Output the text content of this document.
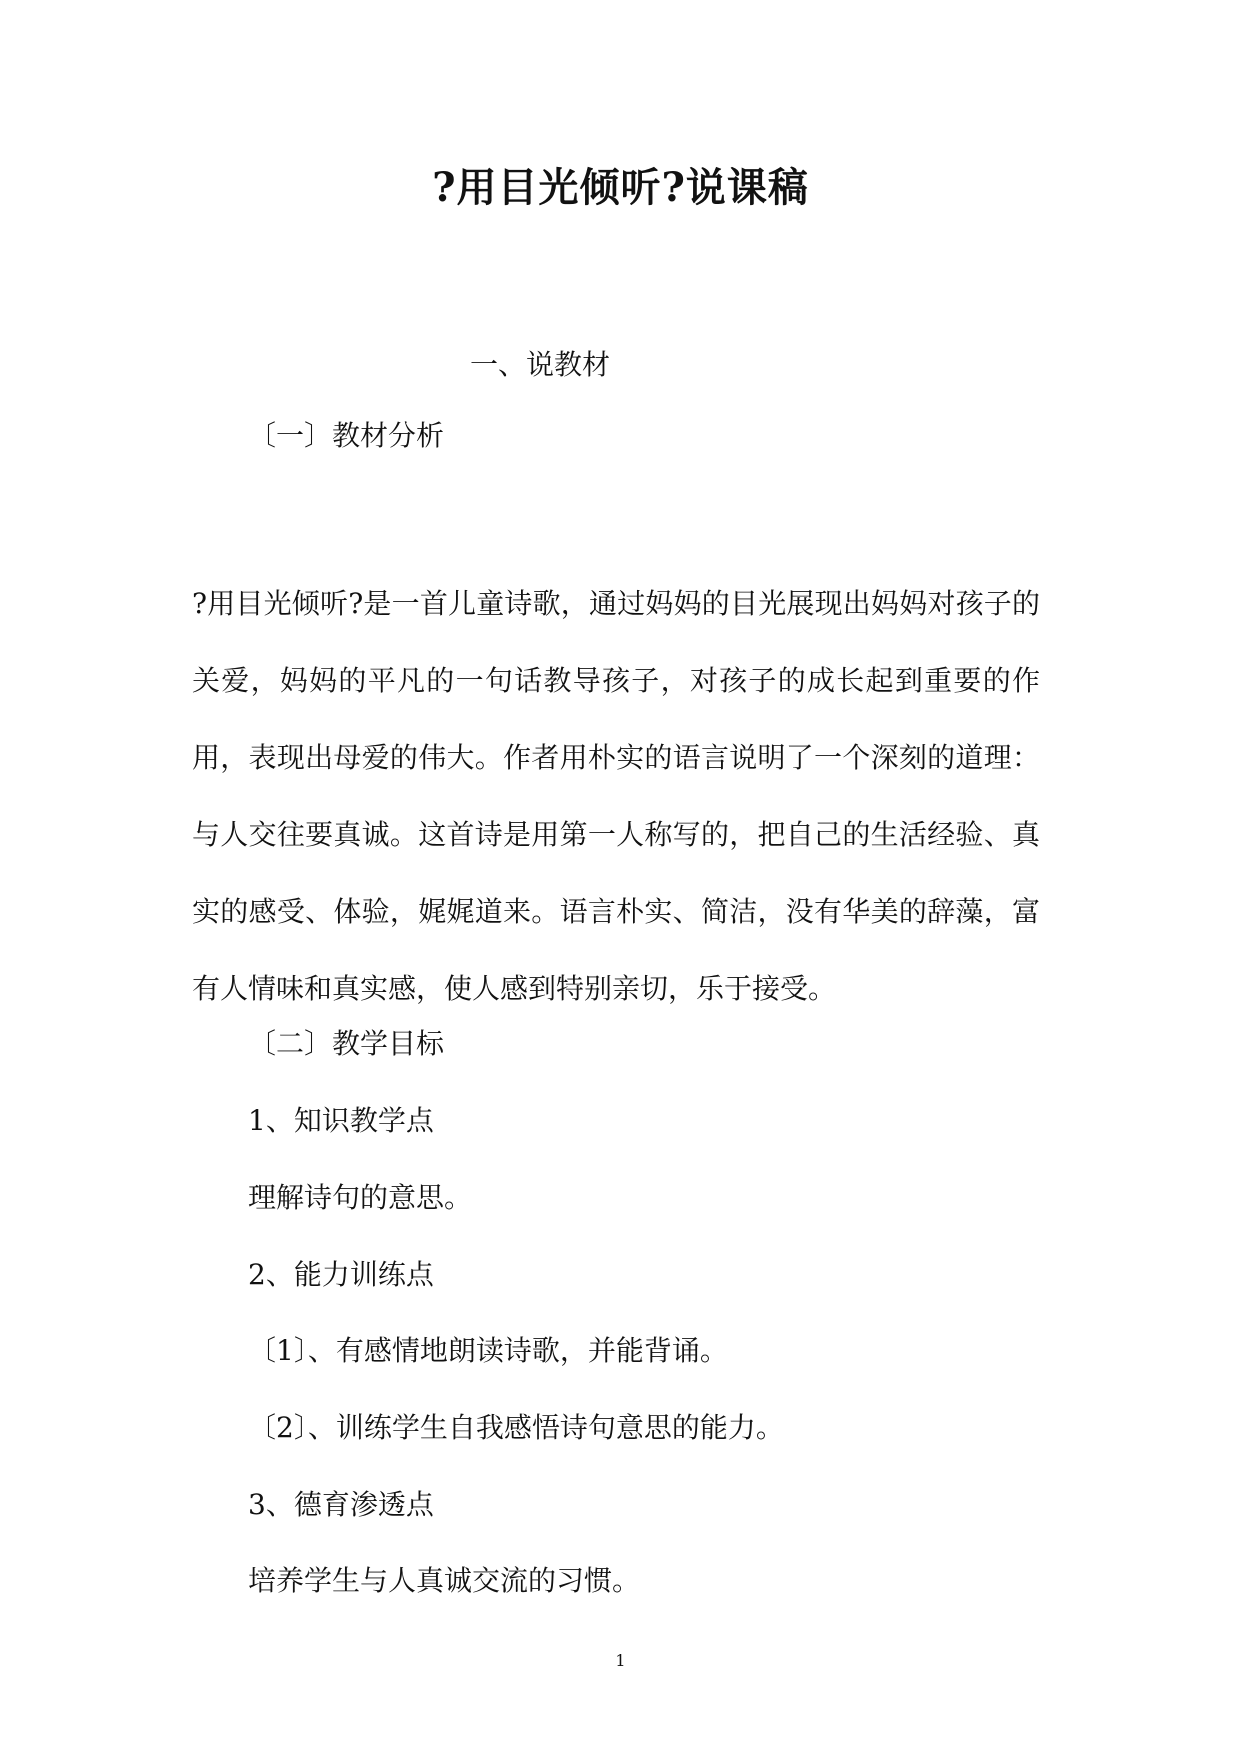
?用目光倾听?说课稿
一、说教材
〔一〕教材分析
?用目光倾听?是一首儿童诗歌，通过妈妈的目光展现出妈妈对孩子的关爱，妈妈的平凡的一句话教导孩子，对孩子的成长起到重要的作用，表现出母爱的伟大。作者用朴实的语言说明了一个深刻的道理：与人交往要真诚。这首诗是用第一人称写的，把自己的生活经验、真实的感受、体验，娓娓道来。语言朴实、简洁，没有华美的辞藻，富有人情味和真实感，使人感到特别亲切，乐于接受。
〔二〕教学目标
1、知识教学点
理解诗句的意思。
2、能力训练点
〔1〕、有感情地朗读诗歌，并能背诵。
〔2〕、训练学生自我感悟诗句意思的能力。
3、德育渗透点
培养学生与人真诚交流的习惯。
1
